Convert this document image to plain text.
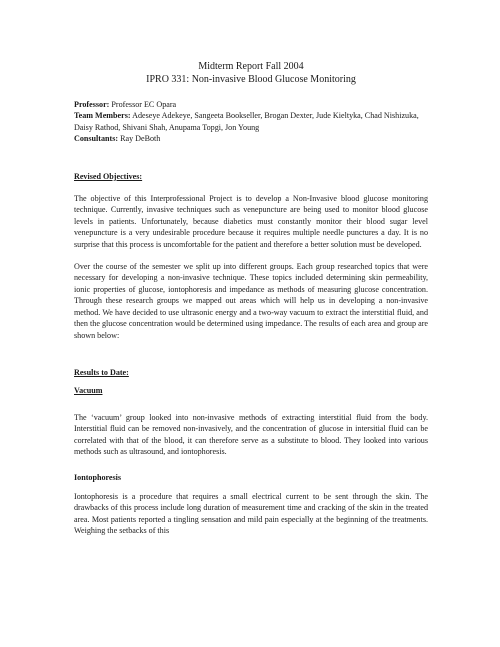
Midterm Report Fall 2004

IPRO 331: Non-invasive Blood Glucose Monitoring

Professor: Professor EC Opara

Team Members: Adeseye Adekeye, Sangeeta Bookseller, Brogan Dexter, Jude Kieltyka, Chad Nishizuka, Daisy Rathod, Shivani Shah, Anupama Topgi, Jon Young

Consultants: Ray DeBoth

Revised Objectives:

The objective of this Interprofessional Project is to develop a Non-Invasive blood glucose monitoring technique. Currently, invasive techniques such as venepuncture are being used to monitor blood glucose levels in patients. Unfortunately, because diabetics must constantly monitor their blood sugar level venepuncture is a very undesirable procedure because it requires multiple needle punctures a day. It is no surprise that this process is uncomfortable for the patient and therefore a better solution must be developed.

Over the course of the semester we split up into different groups. Each group researched topics that were necessary for developing a non-invasive technique. These topics included determining skin permeability, ionic properties of glucose, iontophoresis and impedance as methods of measuring glucose concentration. Through these research groups we mapped out areas which will help us in developing a non-invasive method. We have decided to use ultrasonic energy and a two-way vacuum to extract the interstitial fluid, and then the glucose concentration would be determined using impedance. The results of each area and group are shown below:

Results to Date:

Vacuum

The ‘vacuum’ group looked into non-invasive methods of extracting interstitial fluid from the body. Interstitial fluid can be removed non-invasively, and the concentration of glucose in intersitial fluid can be correlated with that of the blood, it can therefore serve as a substitute to blood. They looked into various methods such as ultrasound, and iontophoresis.

Iontophoresis

Iontophoresis is a procedure that requires a small electrical current to be sent through the skin. The drawbacks of this process include long duration of measurement time and cracking of the skin in the treated area. Most patients reported a tingling sensation and mild pain especially at the beginning of the treatments. Weighing the setbacks of this
